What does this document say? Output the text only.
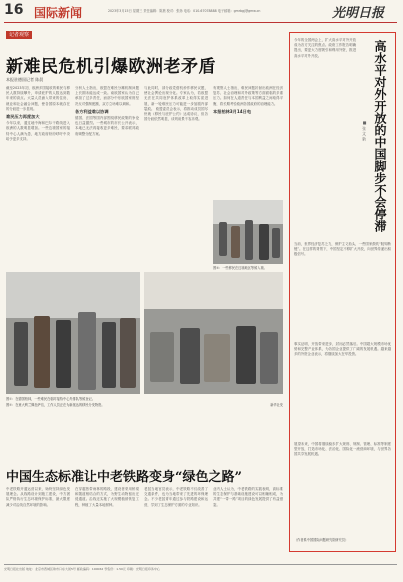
16 国际新闻	2023年3月15日 星期三 责任编辑：陈晨 校对：张扬 电话：010-67078888 电子邮箱：gmrbgj@gmw.cn	光明日报
记者观察
新难民危机引爆欧洲老矛盾
本报驻德国记者 陈晨
截至2023年初，欧洲多国接收的难民与移民人数持续攀升，申请庇护的人数达到数年来的高点。大量人员涌入带来的住房、就业和社会融合问题，使各国原本就存在的分歧进一步显现。
难民压力再度加大
今年以来，通过地中海和巴尔干路线进入欧洲的人数明显增加。一些边境国家的接待中心人满为患，地方政府纷纷呼吁中央给予更多支持。
分析人士指出，欧盟在难民分摊机制问题上长期未能达成一致。南欧国家认为自己承担了过多责任，而部分中东欧国家则坚决反对强制配额，双方立场难以调和。
各方利益难以协调
德国、法国等国内部围绕移民政策的争论也日益激烈。一些城市的市长公开表示，本地已无法再接收更多难民，要求联邦政府调整分配方案。
与此同时，部分政党借机炒作移民议题，使社会舆论出现分化。专家认为，若欧盟无法在共同庇护体系改革上取得实质进展，新一轮难民压力可能进一步加剧内部裂痕。 欧盟委员会表示，将推动成员国尽快就《移民与庇护公约》达成协议，但各国分歧依然明显，谈判前景不容乐观。
有观察人士指出，难民问题折射出欧洲在经济复苏、社会治理和对外政策等方面面临的多重压力。如何在人道责任与本国利益之间取得平衡，将长期考验欧洲各国政府的治理能力。
本报柏林3月14日电
图③：一些移民在边境地区等候入境。
图①：在德国柏林，一些难民在临时接待中心外排队等候登记。
图②：在意大利兰佩杜萨岛，工作人员正在为新抵达的移民分发物资。	新华社发
中国生态标准让中老铁路变身“绿色之路”
中老铁路开通运营以来，始终坚持绿色发展理念。从线路设计到施工建设，中方团队严格执行生态环境保护标准，最大限度减少对沿线自然环境的影响。
在穿越热带雨林的路段，建设者采用桥梁和隧道相结合的方式，为野生动物留出迁徙通道。沿线还实施了大规模植被恢复工程，种植了大量本地树种。
老挝当地官员表示，中老铁路不仅改善了交通条件，也为当地带来了先进的环保理念。不少老挝青年通过参与铁路建设和运营，学到了生态保护方面的专业知识。
业内人士认为，中老铁路的实践表明，高标准的生态保护与基础设施建设可以相辅相成，为共建“一带一路”项目的绿色发展提供了有益借鉴。
高水平对外开放的中国脚步不会停滞
■ 张 文 新
今年的全国两会上，扩大高水平对外开放成为各方关注的焦点。政府工作报告明确提出，要更大力度吸引和利用外资，推进高水平对外开放。
当前，世界经济复苏乏力，保护主义抬头，一些国家鼓吹“脱钩断链”。在这样的背景下，中国坚定不移扩大开放，向世界传递出积极信号。
事实证明，开放带来进步，封闭必然落后。中国超大规模市场优势和完整产业体系，为各国企业提供了广阔的发展机遇。越来越多的外资企业表示，将继续加大在华投资。
展望未来，中国将继续稳步扩大规则、规制、管理、标准等制度型开放，打造市场化、法治化、国际化一流营商环境，与世界各国共享发展机遇。
（作者系中国国际问题研究院研究员）
光明日报社出版 地址：北京市西城区珠市口东大街5号 邮政编码：100062 零售价：1.50元 印刷：光明日报印务中心
